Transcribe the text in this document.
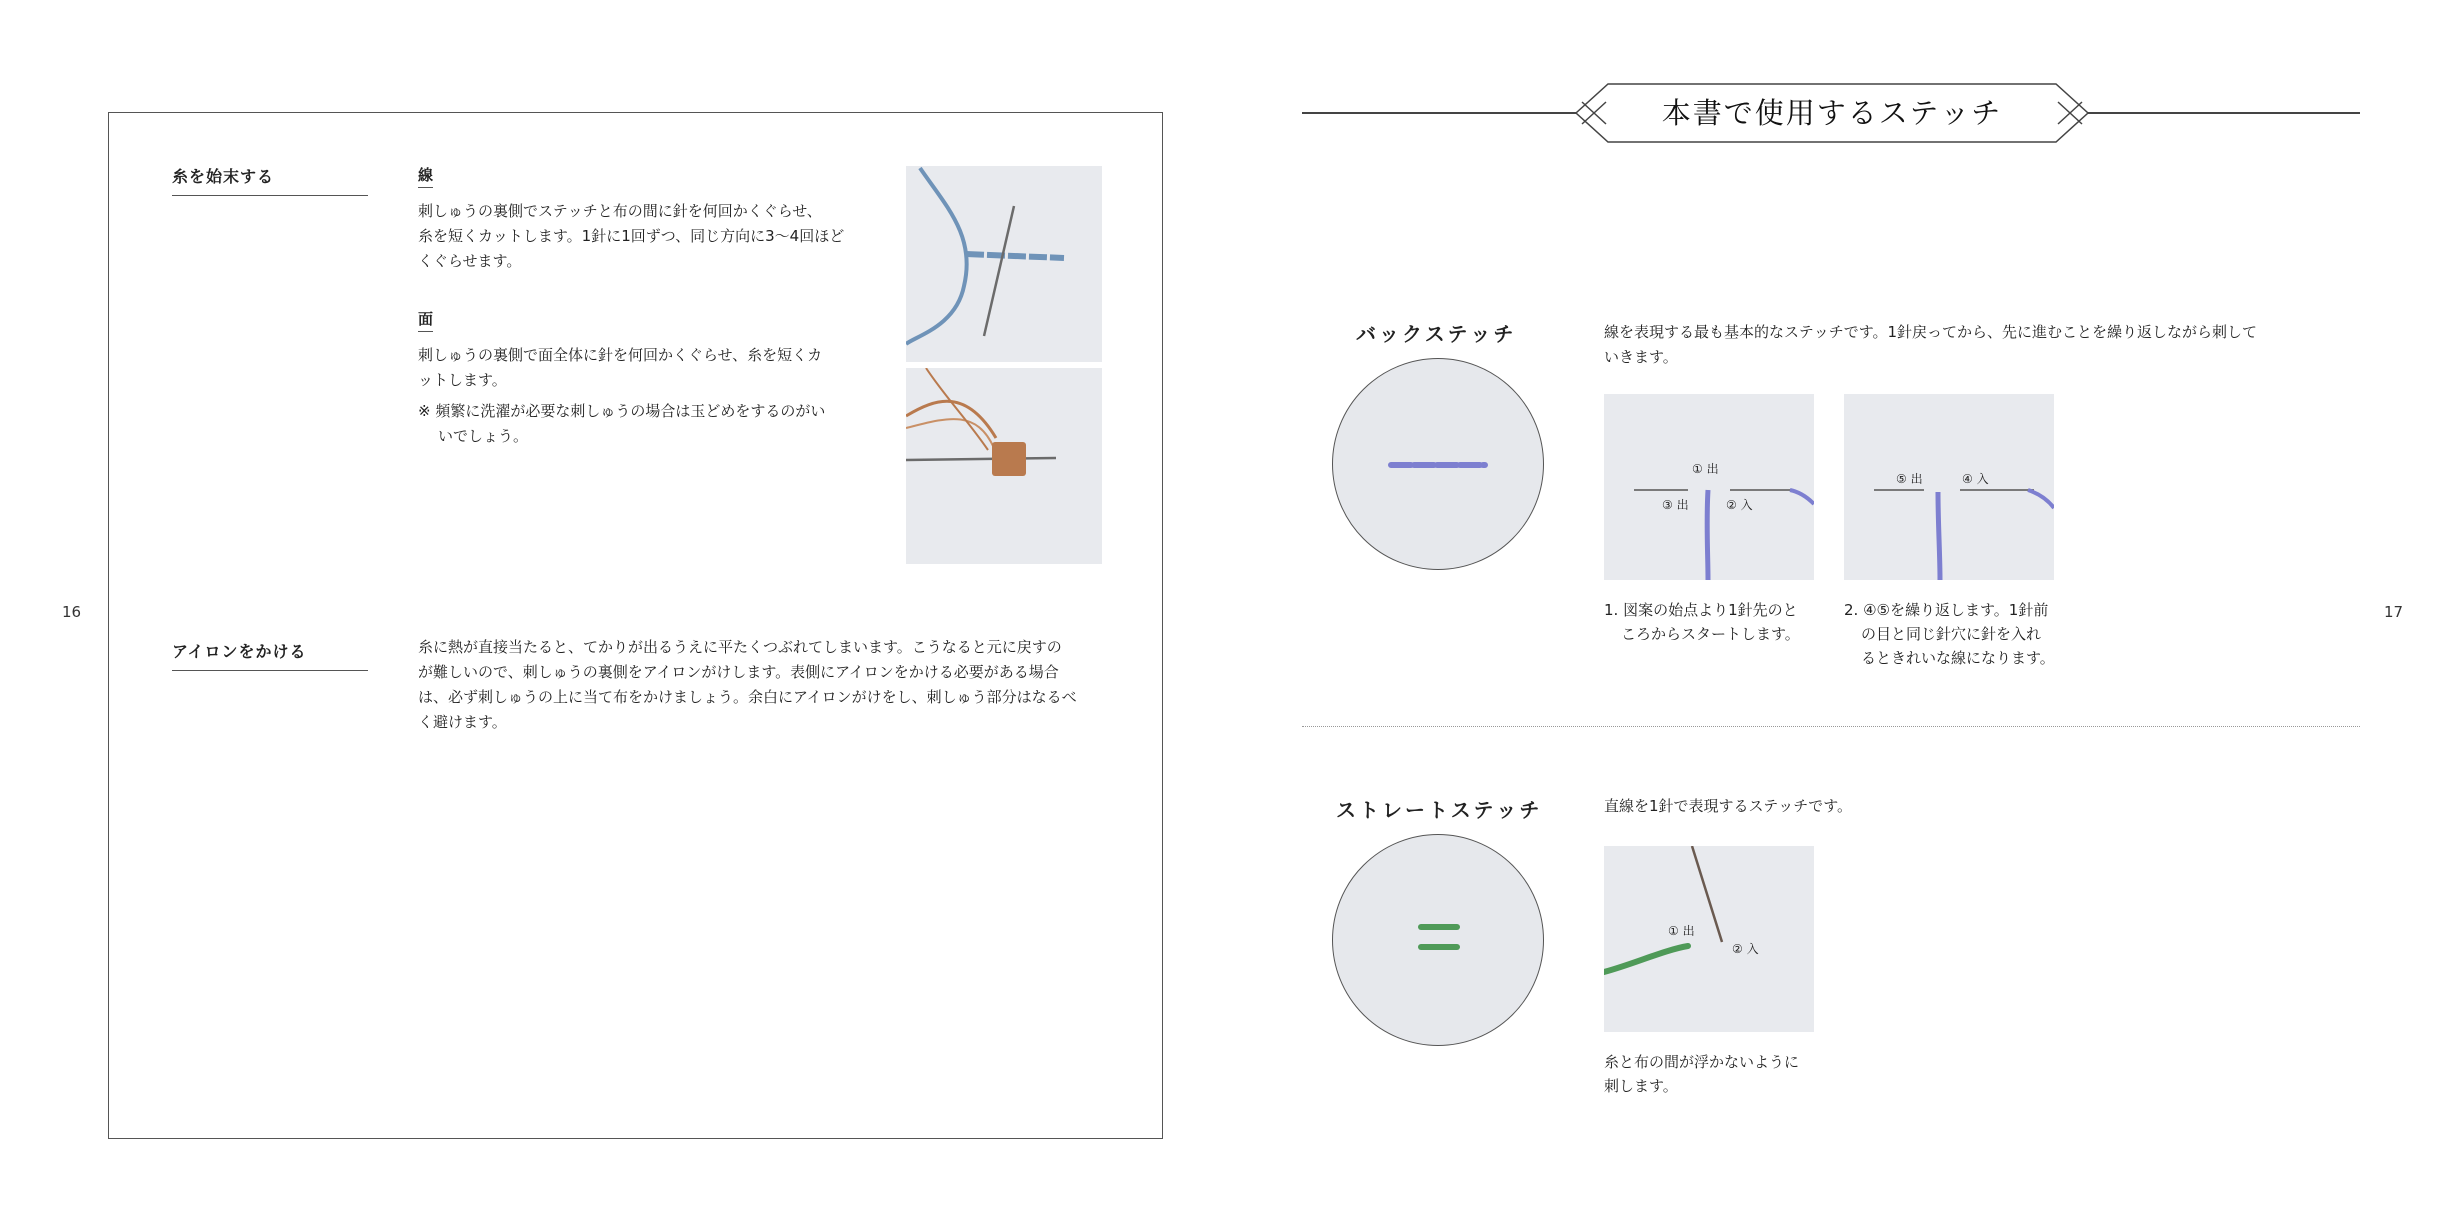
16
糸を始末する	線
刺しゅうの裏側でステッチと布の間に針を何回かくぐらせ、
糸を短くカットします。1針に1回ずつ、同じ方向に3〜4回ほど
くぐらせます。
面
刺しゅうの裏側で面全体に針を何回かくぐらせ、糸を短くカ
ットします。
※ 頻繁に洗濯が必要な刺しゅうの場合は玉どめをするのがい
いでしょう。
アイロンをかける	糸に熱が直接当たると、てかりが出るうえに平たくつぶれてしまいます。こうなると元に戻すの
が難しいので、刺しゅうの裏側をアイロンがけします。表側にアイロンをかける必要がある場合
は、必ず刺しゅうの上に当て布をかけましょう。余白にアイロンがけをし、刺しゅう部分はなるべ
く避けます。
17
本書で使用するステッチ
バックステッチ	線を表現する最も基本的なステッチです。1針戻ってから、先に進むことを繰り返しながら刺して
いきます。
① 出
③ 出	② 入
⑤ 出	④ 入
1. 図案の始点より1針先のと
ころからスタートします。
2. ④⑤を繰り返します。1針前
の目と同じ針穴に針を入れ
るときれいな線になります。
ストレートステッチ	直線を1針で表現するステッチです。
① 出
② 入
糸と布の間が浮かないように
刺します。
